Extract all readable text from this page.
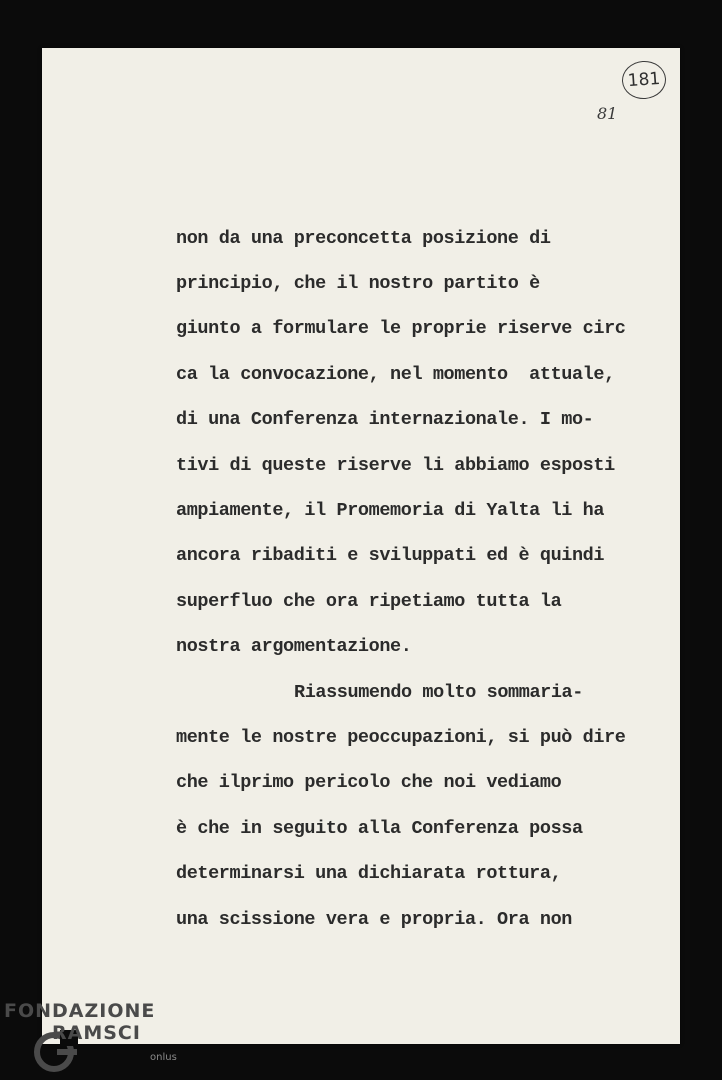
181
81
non da una preconcetta posizione di
principio, che il nostro partito è
giunto a formulare le proprie riserve circ
ca la convocazione, nel momento  attuale,
di una Conferenza internazionale. I mo-
tivi di queste riserve li abbiamo esposti
ampiamente, il Promemoria di Yalta li ha
ancora ribaditi e sviluppati ed è quindi
superfluo che ora ripetiamo tutta la
nostra argomentazione.
Riassumendo molto sommaria-
mente le nostre peoccupazioni, si può dire
che ilprimo pericolo che noi vediamo
è che in seguito alla Conferenza possa
determinarsi una dichiarata rottura,
una scissione vera e propria. Ora non
FONDAZIONE
RAMSCI
onlus
